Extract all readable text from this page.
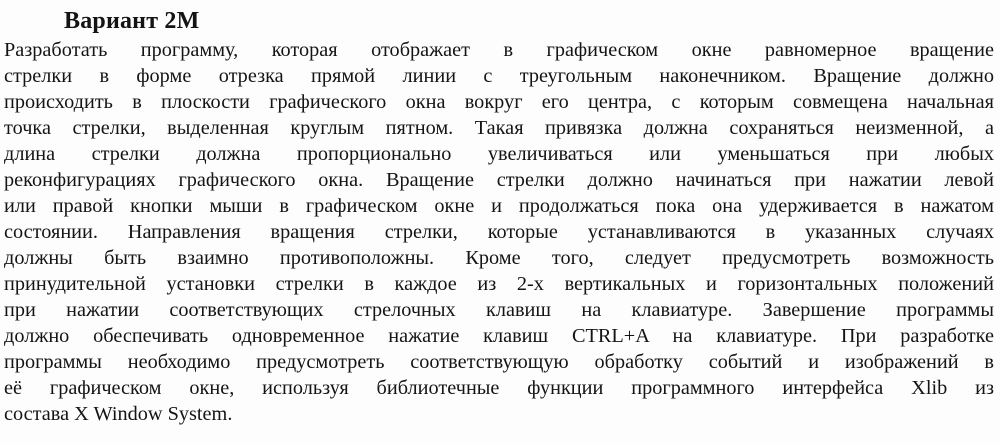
Вариант 2М
Разработать программу, которая отображает в графическом окне равномерное вращение
стрелки в форме отрезка прямой линии с треугольным наконечником. Вращение должно
происходить в плоскости графического окна вокруг его центра, с которым совмещена начальная
точка стрелки, выделенная круглым пятном. Такая привязка должна сохраняться неизменной, а
длина стрелки должна пропорционально увеличиваться или уменьшаться при любых
реконфигурациях графического окна. Вращение стрелки должно начинаться при нажатии левой
или правой кнопки мыши в графическом окне и продолжаться пока она удерживается в нажатом
состоянии. Направления вращения стрелки, которые устанавливаются в указанных случаях
должны быть взаимно противоположны. Кроме того, следует предусмотреть возможность
принудительной установки стрелки в каждое из 2-х вертикальных и горизонтальных положений
при нажатии соответствующих стрелочных клавиш на клавиатуре. Завершение программы
должно обеспечивать одновременное нажатие клавиш CTRL+A на клавиатуре. При разработке
программы необходимо предусмотреть соответствующую обработку событий и изображений в
её графическом окне, используя библиотечные функции программного интерфейса Xlib из
состава X Window System.
